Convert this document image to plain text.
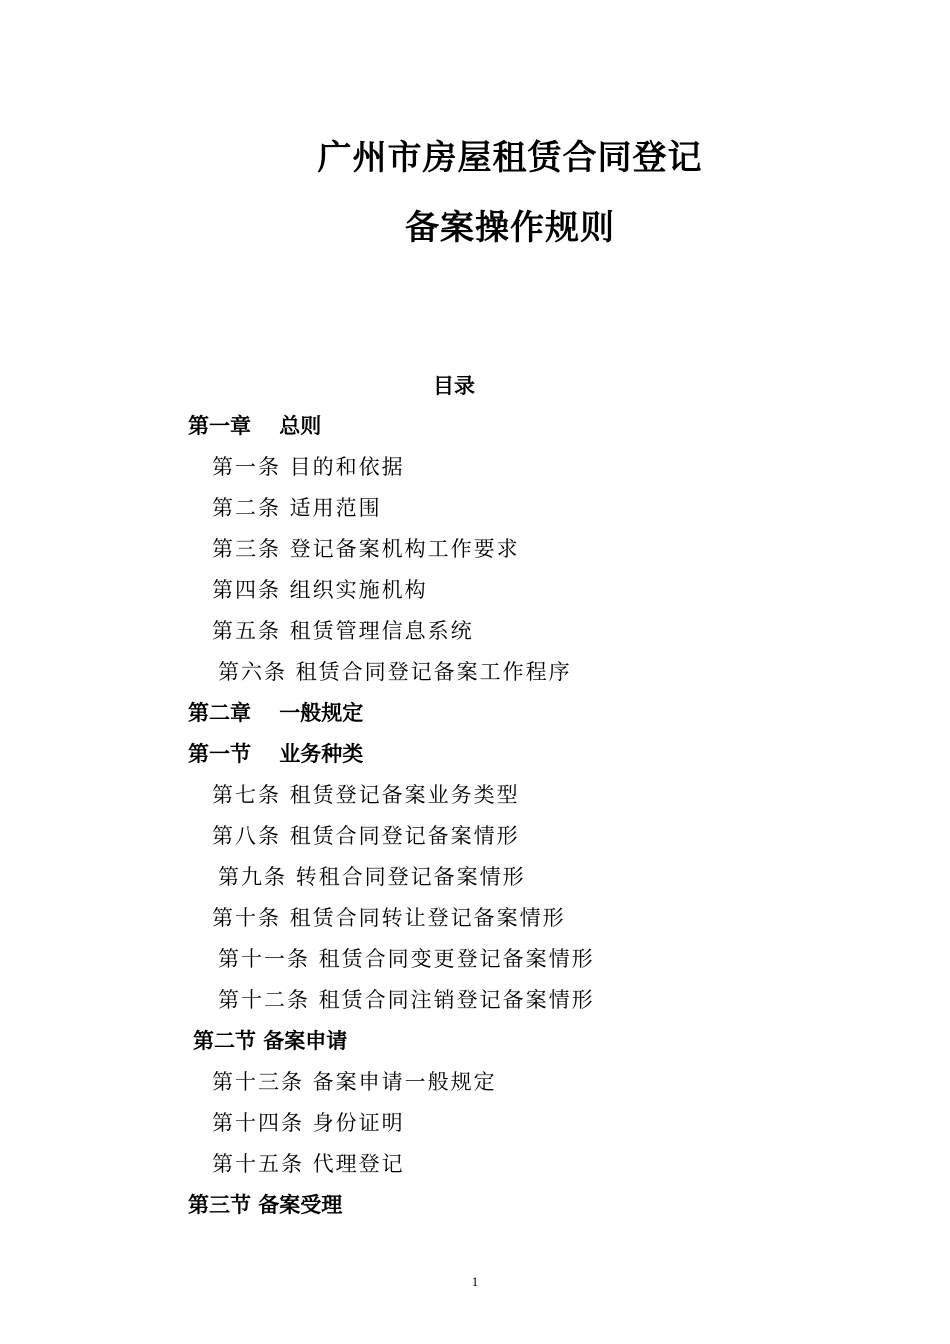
广州市房屋租赁合同登记
备案操作规则
目录
第一章　 总则
第一条 目的和依据
第二条 适用范围
第三条 登记备案机构工作要求
第四条 组织实施机构
第五条 租赁管理信息系统
第六条 租赁合同登记备案工作程序
第二章　 一般规定
第一节　 业务种类
第七条 租赁登记备案业务类型
第八条 租赁合同登记备案情形
第九条 转租合同登记备案情形
第十条 租赁合同转让登记备案情形
第十一条 租赁合同变更登记备案情形
第十二条 租赁合同注销登记备案情形
第二节 备案申请
第十三条 备案申请一般规定
第十四条 身份证明
第十五条 代理登记
第三节 备案受理
1
